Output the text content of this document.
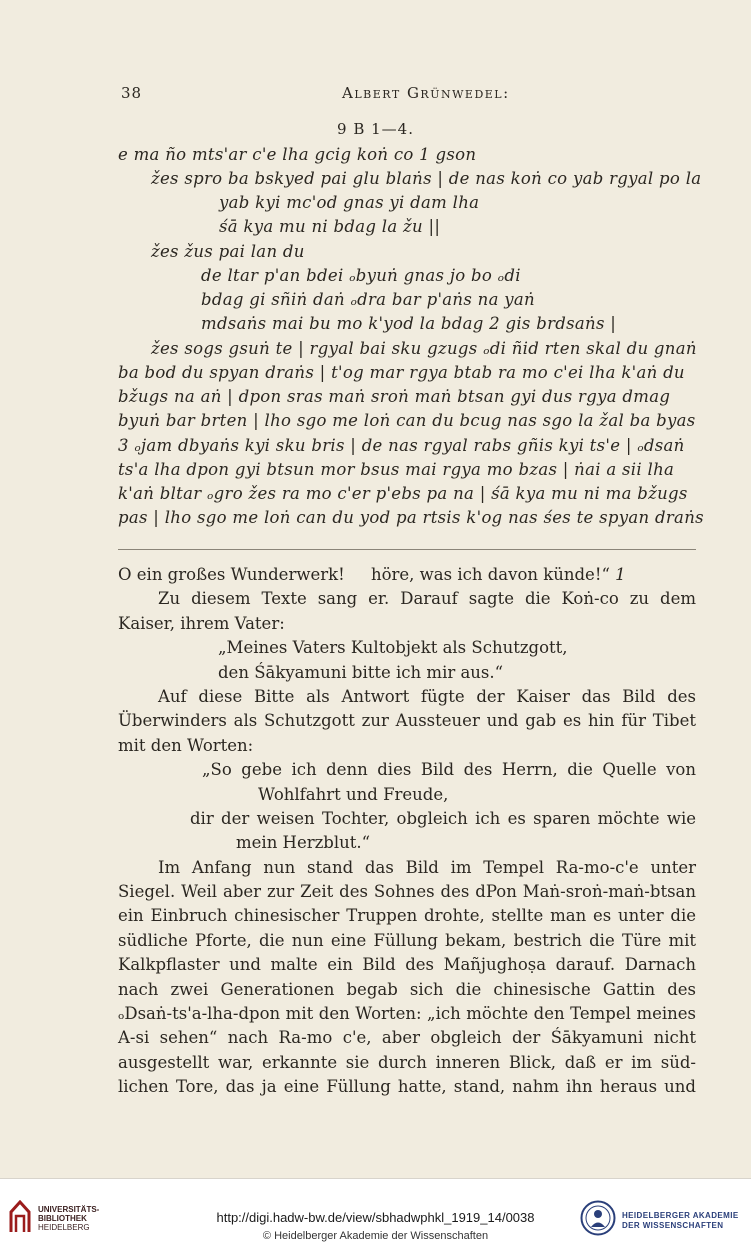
38	Albert Grünwedel:
9 B 1—4.
e ma ño mts'ar c'e lha gcig koṅ co 1 gson
žes spro ba bskyed pai glu blaṅs | de nas koṅ co yab rgyal po la
yab kyi mc'od gnas yi dam lha
śā kya mu ni bdag la žu ||
žes žus pai lan du
de ltar p'an bdei ₒbyuṅ gnas jo bo ₒdi
bdag gi sñiṅ daṅ ₒdra bar p'aṅs na yaṅ
mdsaṅs mai bu mo k'yod la bdag 2 gis brdsaṅs |
žes sogs gsuṅ te | rgyal bai sku gzugs ₒdi ñid rten skal du gnaṅ
ba bod du spyan draṅs | t'og mar rgya btab ra mo c'ei lha k'aṅ du
bžugs na aṅ | dpon sras maṅ sroṅ maṅ btsan gyi dus rgya dmag
byuṅ bar brten | lho sgo me loṅ can du bcug nas sgo la žal ba byas
3 ₒjam dbyaṅs kyi sku bris | de nas rgyal rabs gñis kyi ts'e | ₒdsaṅ
ts'a lha dpon gyi btsun mor bsus mai rgya mo bzas | ṅai a sii lha
k'aṅ bltar ₒgro žes ra mo c'er p'ebs pa na | śā kya mu ni ma bžugs
pas | lho sgo me loṅ can du yod pa rtsis k'og nas śes te spyan draṅs
O ein großes Wunderwerk!     höre, was ich davon künde!“ 1
Zu diesem Texte sang er. Darauf sagte die Koṅ-co zu dem
Kaiser, ihrem Vater:
„Meines Vaters Kultobjekt als Schutzgott,
den Śākyamuni bitte ich mir aus.“
Auf diese Bitte als Antwort fügte der Kaiser das Bild des
Überwinders als Schutzgott zur Aussteuer und gab es hin für Tibet
mit den Worten:
„So gebe ich denn dies Bild des Herrn, die Quelle von
Wohlfahrt und Freude,
dir der weisen Tochter, obgleich ich es sparen möchte wie
mein Herzblut.“
Im Anfang nun stand das Bild im Tempel Ra-mo-c'e unter
Siegel. Weil aber zur Zeit des Sohnes des dPon Maṅ-sroṅ-maṅ-btsan
ein Einbruch chinesischer Truppen drohte, stellte man es unter die
südliche Pforte, die nun eine Füllung bekam, bestrich die Türe mit
Kalkpflaster und malte ein Bild des Mañjughoṣa darauf. Darnach
nach zwei Generationen begab sich die chinesische Gattin des
ₒDsaṅ-ts'a-lha-dpon mit den Worten: „ich möchte den Tempel meines
A-si sehen“ nach Ra-mo c'e, aber obgleich der Śākyamuni nicht
ausgestellt war, erkannte sie durch inneren Blick, daß er im süd-
lichen Tore, das ja eine Füllung hatte, stand, nahm ihn heraus und
UNIVERSITÄTS-
BIBLIOTHEK
HEIDELBERG
http://digi.hadw-bw.de/view/sbhadwphkl_1919_14/0038
© Heidelberger Akademie der Wissenschaften
HEIDELBERGER AKADEMIE
DER WISSENSCHAFTEN
